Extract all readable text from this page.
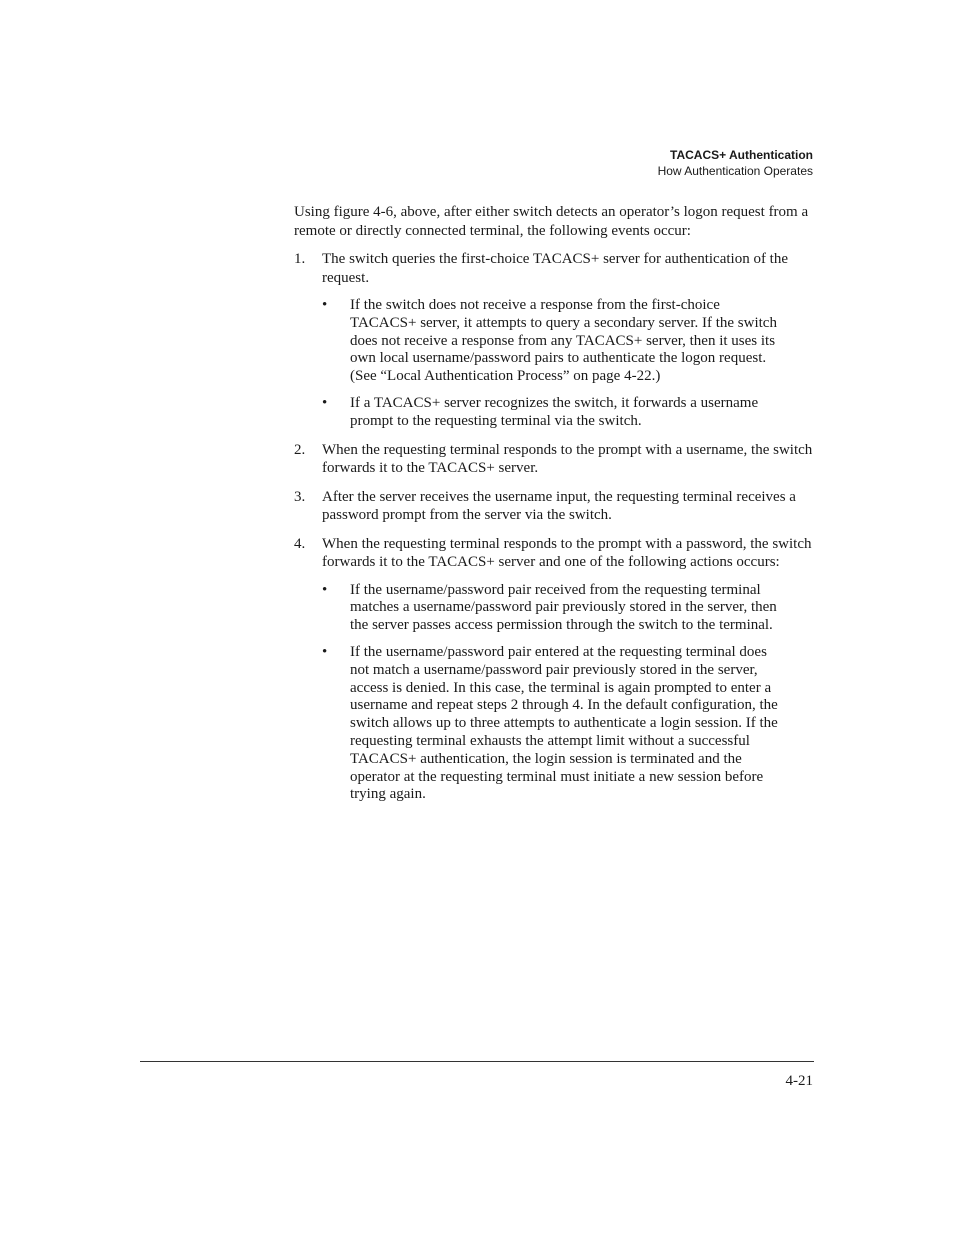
TACACS+ Authentication
How Authentication Operates

Using figure 4-6, above, after either switch detects an operator’s logon request from a remote or directly connected terminal, the following events occur:

1.	The switch queries the first-choice TACACS+ server for authentication of the request.

•	If the switch does not receive a response from the first-choice TACACS+ server, it attempts to query a secondary server. If the switch does not receive a response from any TACACS+ server, then it uses its own local username/password pairs to authenticate the logon request. (See “Local Authentication Process” on page 4-22.)
•	If a TACACS+ server recognizes the switch, it forwards a username prompt to the requesting terminal via the switch.
2.	When the requesting terminal responds to the prompt with a username, the switch forwards it to the TACACS+ server.

3.	After the server receives the username input, the requesting terminal receives a password prompt from the server via the switch.

4.	When the requesting terminal responds to the prompt with a password, the switch forwards it to the TACACS+ server and one of the following actions occurs:

•	If the username/password pair received from the requesting terminal matches a username/password pair previously stored in the server, then the server passes access permission through the switch to the terminal.
•	If the username/password pair entered at the requesting terminal does not match a username/password pair previously stored in the server, access is denied. In this case, the terminal is again prompted to enter a username and repeat steps 2 through 4. In the default configuration, the switch allows up to three attempts to authenticate a login session. If the requesting terminal exhausts the attempt limit without a successful TACACS+ authentication, the login session is terminated and the operator at the requesting terminal must initiate a new session before trying again.
4-21
